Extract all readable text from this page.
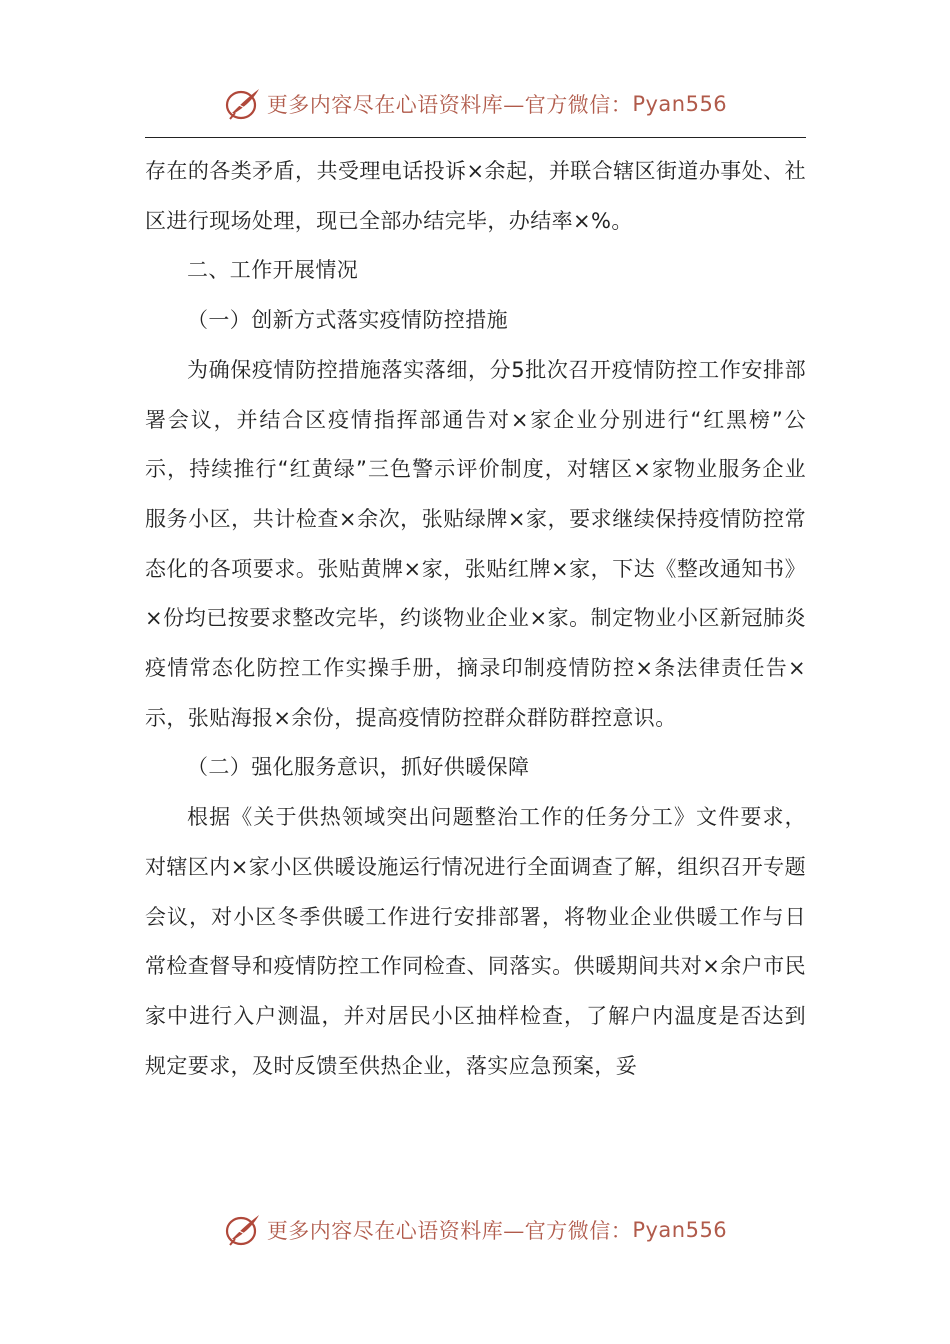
更多内容尽在心语资料库—官方微信： Pyan556

存在的各类矛盾，共受理电话投诉×余起，并联合辖区街道办事处、社区进行现场处理，现已全部办结完毕，办结率×%。

二、工作开展情况

（一）创新方式落实疫情防控措施

为确保疫情防控措施落实落细，分5批次召开疫情防控工作安排部署会议，并结合区疫情指挥部通告对×家企业分别进行“红黑榜”公示，持续推行“红黄绿”三色警示评价制度，对辖区×家物业服务企业服务小区，共计检查×余次，张贴绿牌×家，要求继续保持疫情防控常态化的各项要求。张贴黄牌×家，张贴红牌×家，下达《整改通知书》×份均已按要求整改完毕，约谈物业企业×家。制定物业小区新冠肺炎疫情常态化防控工作实操手册，摘录印制疫情防控×条法律责任告×示，张贴海报×余份，提高疫情防控群众群防群控意识。

（二）强化服务意识，抓好供暖保障

根据《关于供热领域突出问题整治工作的任务分工》文件要求，对辖区内×家小区供暖设施运行情况进行全面调查了解，组织召开专题会议，对小区冬季供暖工作进行安排部署，将物业企业供暖工作与日常检查督导和疫情防控工作同检查、同落实。供暖期间共对×余户市民家中进行入户测温，并对居民小区抽样检查，了解户内温度是否达到规定要求，及时反馈至供热企业，落实应急预案，妥

更多内容尽在心语资料库—官方微信： Pyan556
